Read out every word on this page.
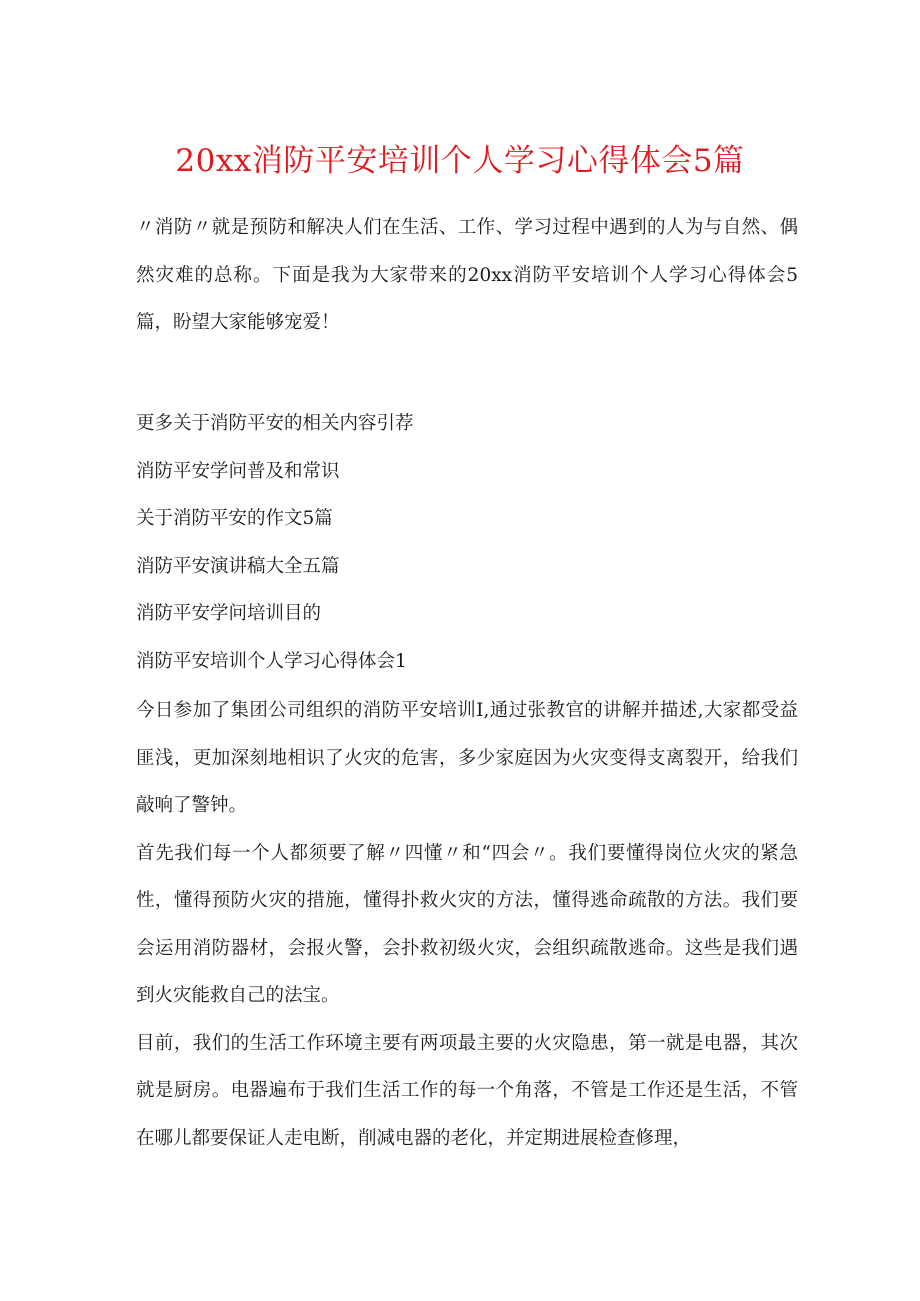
20xx消防平安培训个人学习心得体会5篇

〃消防〃就是预防和解决人们在生活、工作、学习过程中遇到的人为与自然、偶然灾难的总称。下面是我为大家带来的20xx消防平安培训个人学习心得体会5篇，盼望大家能够宠爱！

更多关于消防平安的相关内容引荐
消防平安学问普及和常识
关于消防平安的作文5篇
消防平安演讲稿大全五篇
消防平安学问培训目的
消防平安培训个人学习心得体会1

今日参加了集团公司组织的消防平安培训I,通过张教官的讲解并描述,大家都受益匪浅，更加深刻地相识了火灾的危害，多少家庭因为火灾变得支离裂开，给我们敲响了警钟。

首先我们每一个人都须要了解〃四懂〃和“四会〃。我们要懂得岗位火灾的紧急性，懂得预防火灾的措施，懂得扑救火灾的方法，懂得逃命疏散的方法。我们要会运用消防器材，会报火警，会扑救初级火灾，会组织疏散逃命。这些是我们遇到火灾能救自己的法宝。

目前，我们的生活工作环境主要有两项最主要的火灾隐患，第一就是电器，其次就是厨房。电器遍布于我们生活工作的每一个角落，不管是工作还是生活，不管在哪儿都要保证人走电断，削减电器的老化，并定期进展检查修理，
